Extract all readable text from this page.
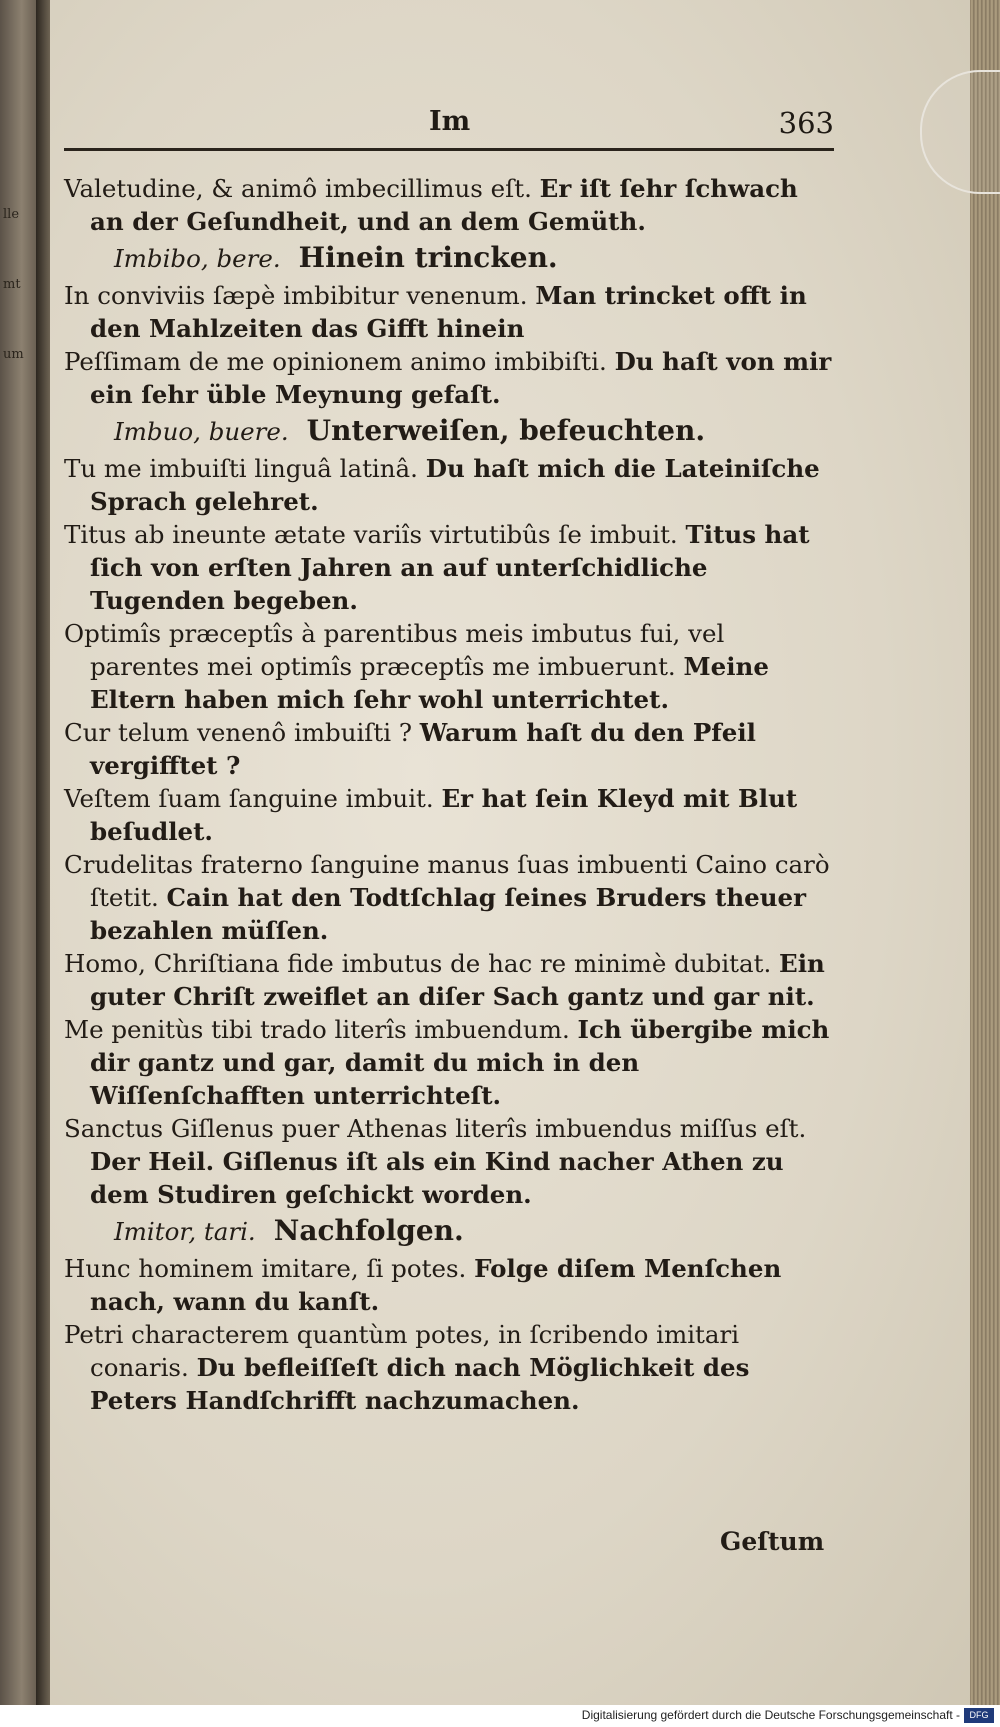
lle
mt
um
Im	363
Valetudine, & animô imbecillimus eſt. Er iſt ſehr ſchwach an der Geſundheit, und an dem Gemüth.
Imbibo, bere. Hinein trincken.
In conviviis ſæpè imbibitur venenum. Man trincket offt in den Mahlzeiten das Gifft hinein
Peſſimam de me opinionem animo imbibiſti. Du haſt von mir ein ſehr üble Meynung gefaſt.
Imbuo, buere. Unterweiſen, befeuchten.
Tu me imbuiſti linguâ latinâ. Du haſt mich die Lateiniſche Sprach gelehret.
Titus ab ineunte ætate variîs virtutibûs ſe imbuit. Titus hat ſich von erſten Jahren an auf unterſchidliche Tugenden begeben.
Optimîs præceptîs à parentibus meis imbutus fui, vel parentes mei optimîs præceptîs me imbuerunt. Meine Eltern haben mich ſehr wohl unterrichtet.
Cur telum venenô imbuiſti ? Warum haſt du den Pfeil vergifftet ?
Veſtem ſuam ſanguine imbuit. Er hat ſein Kleyd mit Blut beſudlet.
Crudelitas fraterno ſanguine manus ſuas imbuenti Caino carò ſtetit. Cain hat den Todtſchlag ſeines Bruders theuer bezahlen müſſen.
Homo, Chriſtiana fide imbutus de hac re minimè dubitat. Ein guter Chriſt zweiflet an diſer Sach gantz und gar nit.
Me penitùs tibi trado literîs imbuendum. Ich übergibe mich dir gantz und gar, damit du mich in den Wiſſenſchafften unterrichteſt.
Sanctus Giſlenus puer Athenas literîs imbuendus miſſus eſt. Der Heil. Giſlenus iſt als ein Kind nacher Athen zu dem Studiren geſchickt worden.
Imitor, tari. Nachfolgen.
Hunc hominem imitare, ſi potes. Folge diſem Menſchen nach, wann du kanſt.
Petri characterem quantùm potes, in ſcribendo imitari conaris. Du befleiſſeſt dich nach Möglichkeit des Peters Handſchrifft nachzumachen.
Geſtum
Digitalisierung gefördert durch die Deutsche Forschungsgemeinschaft -	DFG
